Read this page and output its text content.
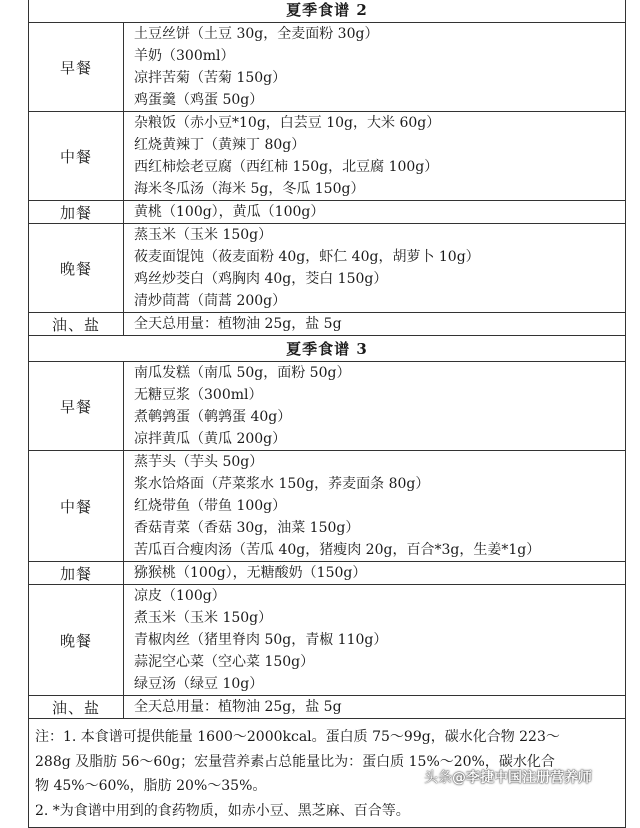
夏季食谱 2	
早餐	土豆丝饼（土豆 30g，全麦面粉 30g）
羊奶（300ml）
凉拌苦菊（苦菊 150g）
鸡蛋羹（鸡蛋 50g）

中餐	杂粮饭（赤小豆*10g，白芸豆 10g，大米 60g）
红烧黄辣丁（黄辣丁 80g）
西红柿烩老豆腐（西红柿 150g，北豆腐 100g）
海米冬瓜汤（海米 5g，冬瓜 150g）

加餐	黄桃（100g），黄瓜（100g）

晚餐	蒸玉米（玉米 150g）
莜麦面馄饨（莜麦面粉 40g，虾仁 40g，胡萝卜 10g）
鸡丝炒茭白（鸡胸肉 40g，茭白 150g）
清炒茼蒿（茼蒿 200g）

油、盐	全天总用量：植物油 25g，盐 5g

夏季食谱 3	
早餐	南瓜发糕（南瓜 50g，面粉 50g）
无糖豆浆（300ml）
煮鹌鹑蛋（鹌鹑蛋 40g）
凉拌黄瓜（黄瓜 200g）

中餐	蒸芋头（芋头 50g）
浆水饸烙面（芹菜浆水 150g，荞麦面条 80g）
红烧带鱼（带鱼 100g）
香菇青菜（香菇 30g，油菜 150g）
苦瓜百合瘦肉汤（苦瓜 40g，猪瘦肉 20g，百合*3g，生姜*1g）

加餐	猕猴桃（100g），无糖酸奶（150g）

晚餐	凉皮（100g）
煮玉米（玉米 150g）
青椒肉丝（猪里脊肉 50g，青椒 110g）
蒜泥空心菜（空心菜 150g）
绿豆汤（绿豆 10g）

油、盐	全天总用量：植物油 25g，盐 5g

注：1. 本食谱可提供能量 1600～2000kcal。蛋白质 75～99g，碳水化合物 223～
288g 及脂肪 56～60g；宏量营养素占总能量比为：蛋白质 15%～20%，碳水化合
物 45%～60%，脂肪 20%～35%。
2. *为食谱中用到的食药物质，如赤小豆、黑芝麻、百合等。	
头条@李捷中国注册营养师
